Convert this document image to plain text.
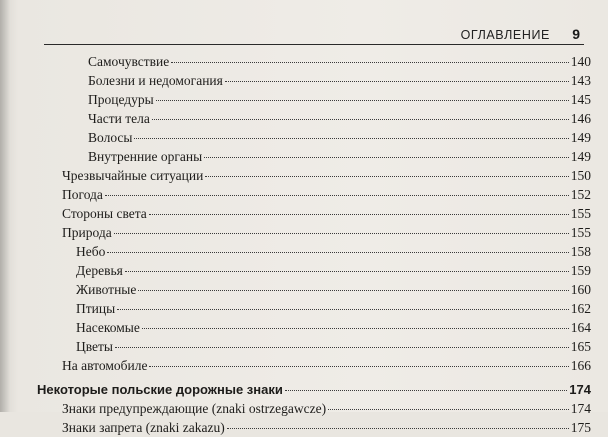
ОГЛАВЛЕНИЕ 9
Самочувствие	140
Болезни и недомогания	143
Процедуры	145
Части тела	146
Волосы	149
Внутренние органы	149
Чрезвычайные ситуации	150
Погода	152
Стороны света	155
Природа	155
Небо	158
Деревья	159
Животные	160
Птицы	162
Насекомые	164
Цветы	165
На автомобиле	166
Некоторые польские дорожные знаки	174
Знаки предупреждающие (znaki ostrzegawcze)	174
Знаки запрета (znaki zakazu)	175
